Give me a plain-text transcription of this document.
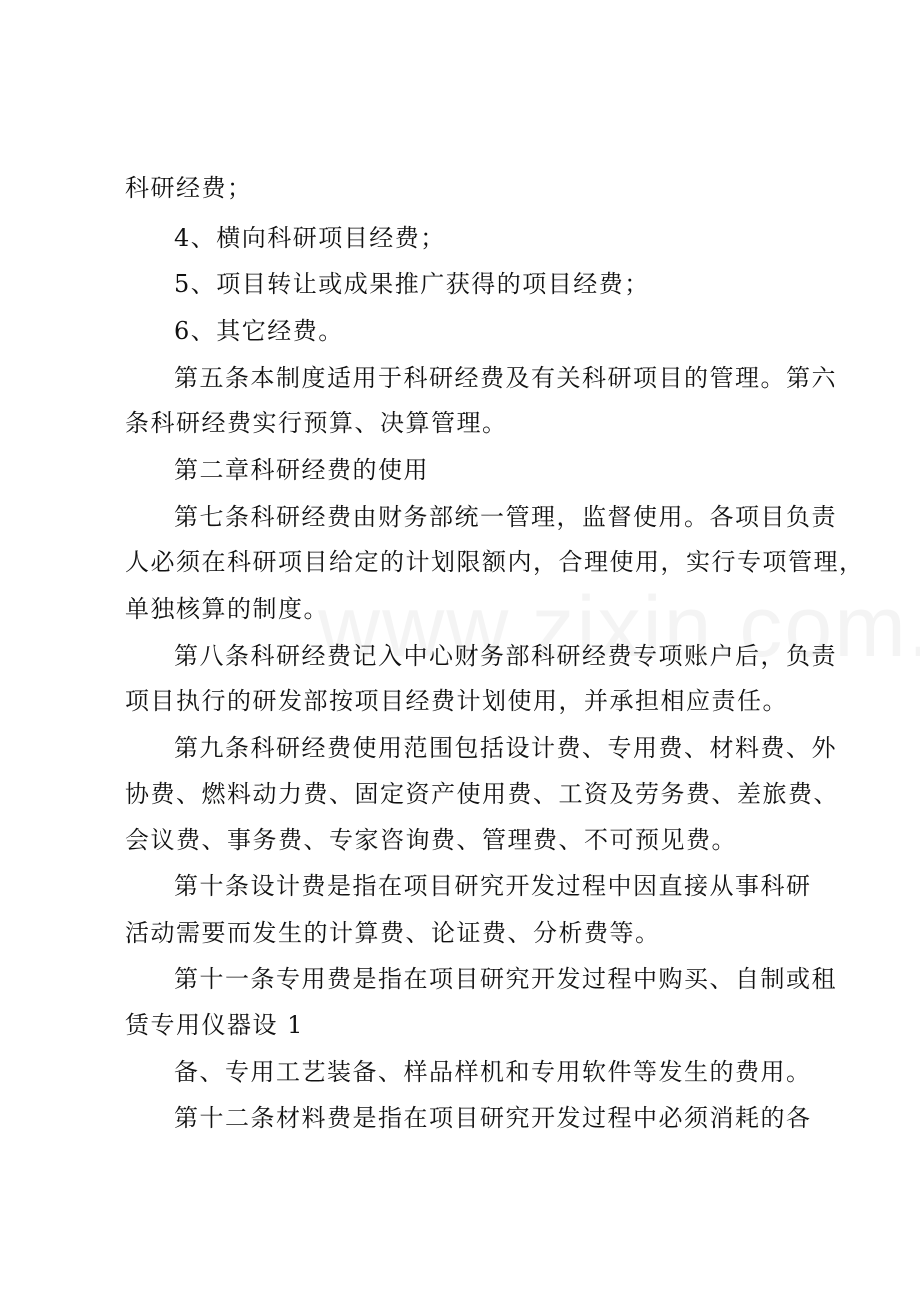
科研经费；
4、横向科研项目经费；
5、项目转让或成果推广获得的项目经费；
6、其它经费。
第五条本制度适用于科研经费及有关科研项目的管理。第六
条科研经费实行预算、决算管理。
第二章科研经费的使用
第七条科研经费由财务部统一管理，监督使用。各项目负责
人必须在科研项目给定的计划限额内，合理使用，实行专项管理，
单独核算的制度。
第八条科研经费记入中心财务部科研经费专项账户后，负责
项目执行的研发部按项目经费计划使用，并承担相应责任。
第九条科研经费使用范围包括设计费、专用费、材料费、外
协费、燃料动力费、固定资产使用费、工资及劳务费、差旅费、
会议费、事务费、专家咨询费、管理费、不可预见费。
第十条设计费是指在项目研究开发过程中因直接从事科研
活动需要而发生的计算费、论证费、分析费等。
第十一条专用费是指在项目研究开发过程中购买、自制或租
赁专用仪器设 1
备、专用工艺装备、样品样机和专用软件等发生的费用。
第十二条材料费是指在项目研究开发过程中必须消耗的各
